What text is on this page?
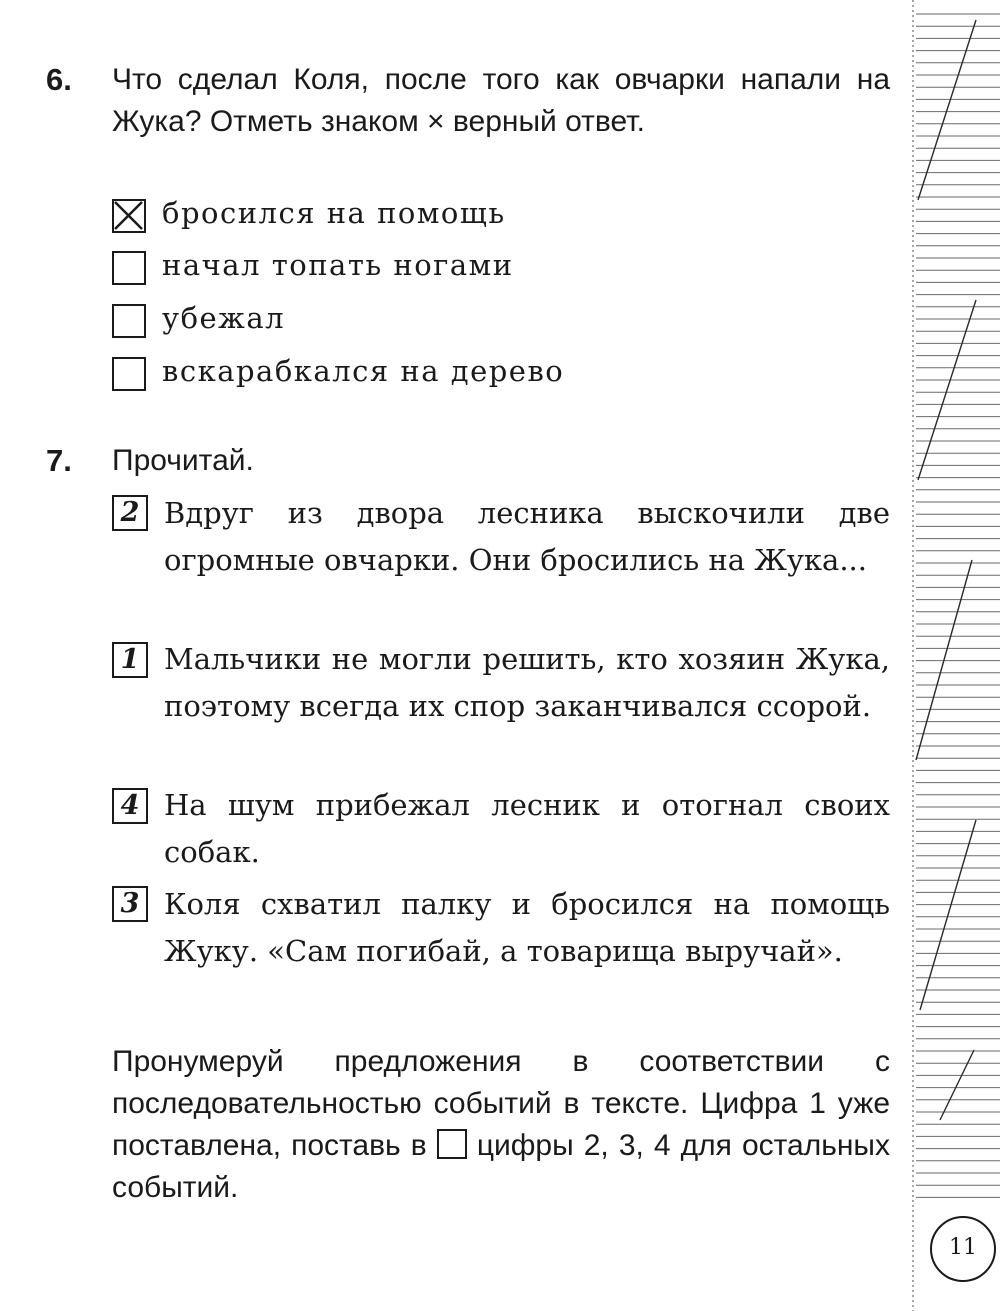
6. Что сделал Коля, после того как овчарки напали на Жука? Отметь знаком × верный ответ.
бросился на помощь
начал топать ногами
убежал
вскарабкался на дерево
7. Прочитай.
2 Вдруг из двора лесника выскочили две огромные овчарки. Они бросились на Жука...
1 Мальчики не могли решить, кто хозяин Жука, поэтому всегда их спор заканчивался ссорой.
4 На шум прибежал лесник и отогнал своих собак.
3 Коля схватил палку и бросился на помощь Жуку. «Сам погибай, а товарища выручай».
Пронумеруй предложения в соответствии с последовательностью событий в тексте. Цифра 1 уже поставлена, поставь в цифры 2, 3, 4 для остальных событий.
11
